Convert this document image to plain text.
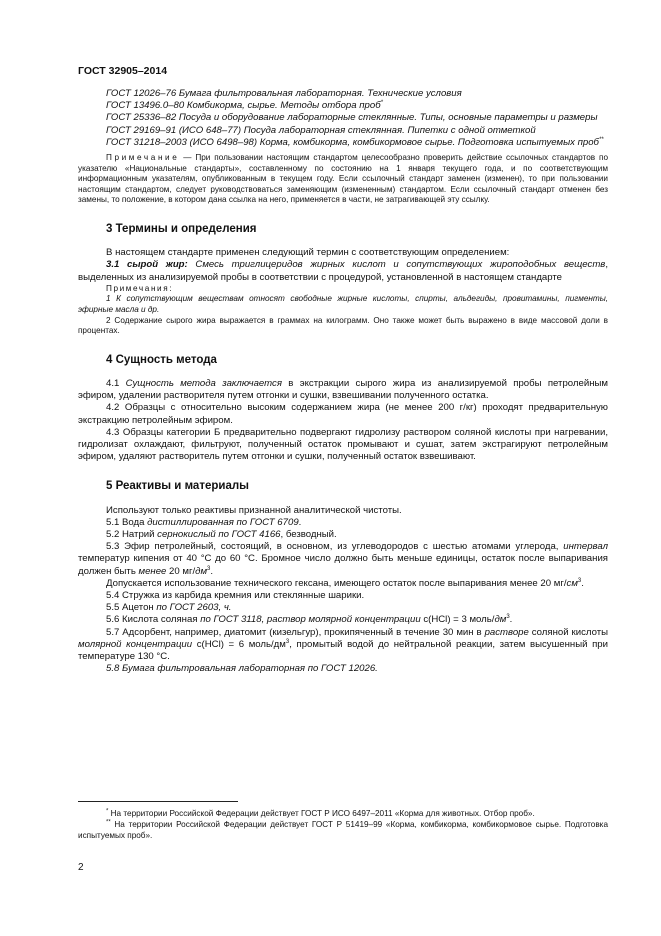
ГОСТ 32905–2014

ГОСТ 12026–76 Бумага фильтровальная лабораторная. Технические условия

ГОСТ 13496.0–80 Комбикорма, сырье. Методы отбора проб*

ГОСТ 25336–82 Посуда и оборудование лабораторные стеклянные. Типы, основные параметры и размеры

ГОСТ 29169–91 (ИСО 648–77) Посуда лабораторная стеклянная. Пипетки с одной отметкой

ГОСТ 31218–2003 (ИСО 6498–98) Корма, комбикорма, комбикормовое сырье. Подготовка испытуемых проб**

Примечание — При пользовании настоящим стандартом целесообразно проверить действие ссылочных стандартов по указателю «Национальные стандарты», составленному по состоянию на 1 января текущего года, и по соответствующим информационным указателям, опубликованным в текущем году. Если ссылочный стандарт заменен (изменен), то при пользовании настоящим стандартом, следует руководствоваться заменяющим (измененным) стандартом. Если ссылочный стандарт отменен без замены, то положение, в котором дана ссылка на него, применяется в части, не затрагивающей эту ссылку.

3 Термины и определения

В настоящем стандарте применен следующий термин с соответствующим определением:

3.1 сырой жир: Смесь триглицеридов жирных кислот и сопутствующих жироподобных веществ, выделенных из анализируемой пробы в соответствии с процедурой, установленной в настоящем стандарте

Примечания:

1 К сопутствующим веществам относят свободные жирные кислоты, спирты, альдегиды, провитамины, пигменты, эфирные масла и др.

2 Содержание сырого жира выражается в граммах на килограмм. Оно также может быть выражено в виде массовой доли в процентах.

4 Сущность метода

4.1 Сущность метода заключается в экстракции сырого жира из анализируемой пробы петролейным эфиром, удалении растворителя путем отгонки и сушки, взвешивании полученного остатка.

4.2 Образцы с относительно высоким содержанием жира (не менее 200 г/кг) проходят предварительную экстракцию петролейным эфиром.

4.3 Образцы категории Б предварительно подвергают гидролизу раствором соляной кислоты при нагревании, гидролизат охлаждают, фильтруют, полученный остаток промывают и сушат, затем экстрагируют петролейным эфиром, удаляют растворитель путем отгонки и сушки, полученный остаток взвешивают.

5 Реактивы и материалы

Используют только реактивы признанной аналитической чистоты.

5.1 Вода дистиллированная по ГОСТ 6709.

5.2 Натрий сернокислый по ГОСТ 4166, безводный.

5.3 Эфир петролейный, состоящий, в основном, из углеводородов с шестью атомами углерода, интервал температур кипения от 40 °C до 60 °C. Бромное число должно быть меньше единицы, остаток после выпаривания должен быть менее 20 $мг/дм^3$.

Допускается использование технического гексана, имеющего остаток после выпаривания менее 20 $мг/см^3$.

5.4 Стружка из карбида кремния или стеклянные шарики.

5.5 Ацетон по ГОСТ 2603, ч.

5.6 Кислота соляная по ГОСТ 3118, раствор молярной концентрации с(HCl) = 3 моль/$дм^3$.

5.7 Адсорбент, например, диатомит (кизельгур), прокипяченный в течение 30 мин в растворе соляной кислоты молярной концентрации с(HCl) = 6 моль/$дм^3$, промытый водой до нейтральной реакции, затем высушенный при температуре 130 °C.

5.8 Бумага фильтровальная лабораторная по ГОСТ 12026.

* На территории Российской Федерации действует ГОСТ Р ИСО 6497–2011 «Корма для животных. Отбор проб».

** На территории Российской Федерации действует ГОСТ Р 51419–99 «Корма, комбикорма, комбикормовое сырье. Подготовка испытуемых проб».

2
